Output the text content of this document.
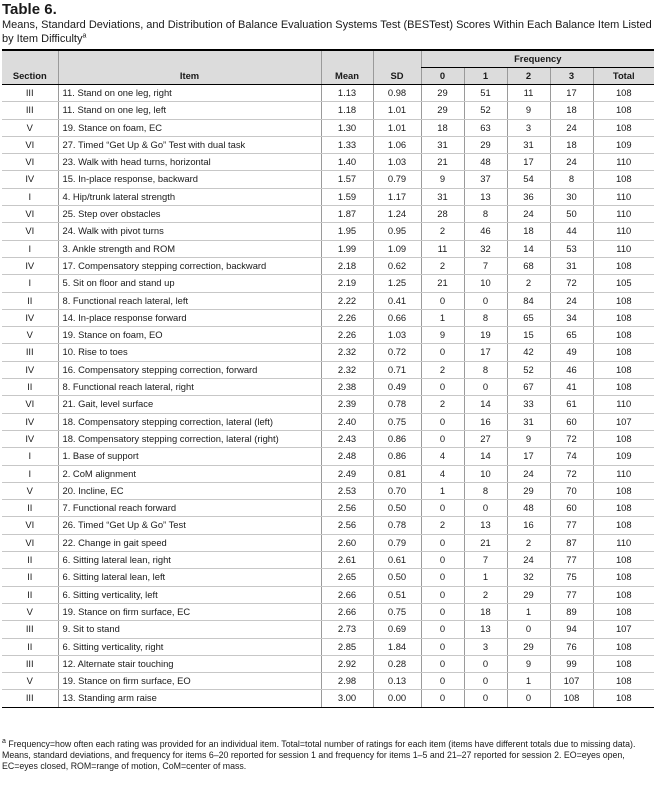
Table 6.
Means, Standard Deviations, and Distribution of Balance Evaluation Systems Test (BESTest) Scores Within Each Balance Item Listed by Item Difficulty$^a$
				Frequency				
Section	Item	Mean	SD	0	1	2	3	Total
III	11. Stand on one leg, right	1.13	0.98	29	51	11	17	108
III	11. Stand on one leg, left	1.18	1.01	29	52	9	18	108
V	19. Stance on foam, EC	1.30	1.01	18	63	3	24	108
VI	27. Timed “Get Up & Go” Test with dual task	1.33	1.06	31	29	31	18	109
VI	23. Walk with head turns, horizontal	1.40	1.03	21	48	17	24	110
IV	15. In-place response, backward	1.57	0.79	9	37	54	8	108
I	4. Hip/trunk lateral strength	1.59	1.17	31	13	36	30	110
VI	25. Step over obstacles	1.87	1.24	28	8	24	50	110
VI	24. Walk with pivot turns	1.95	0.95	2	46	18	44	110
I	3. Ankle strength and ROM	1.99	1.09	11	32	14	53	110
IV	17. Compensatory stepping correction, backward	2.18	0.62	2	7	68	31	108
I	5. Sit on floor and stand up	2.19	1.25	21	10	2	72	105
II	8. Functional reach lateral, left	2.22	0.41	0	0	84	24	108
IV	14. In-place response forward	2.26	0.66	1	8	65	34	108
V	19. Stance on foam, EO	2.26	1.03	9	19	15	65	108
III	10. Rise to toes	2.32	0.72	0	17	42	49	108
IV	16. Compensatory stepping correction, forward	2.32	0.71	2	8	52	46	108
II	8. Functional reach lateral, right	2.38	0.49	0	0	67	41	108
VI	21. Gait, level surface	2.39	0.78	2	14	33	61	110
IV	18. Compensatory stepping correction, lateral (left)	2.40	0.75	0	16	31	60	107
IV	18. Compensatory stepping correction, lateral (right)	2.43	0.86	0	27	9	72	108
I	1. Base of support	2.48	0.86	4	14	17	74	109
I	2. CoM alignment	2.49	0.81	4	10	24	72	110
V	20. Incline, EC	2.53	0.70	1	8	29	70	108
II	7. Functional reach forward	2.56	0.50	0	0	48	60	108
VI	26. Timed “Get Up & Go” Test	2.56	0.78	2	13	16	77	108
VI	22. Change in gait speed	2.60	0.79	0	21	2	87	110
II	6. Sitting lateral lean, right	2.61	0.61	0	7	24	77	108
II	6. Sitting lateral lean, left	2.65	0.50	0	1	32	75	108
II	6. Sitting verticality, left	2.66	0.51	0	2	29	77	108
V	19. Stance on firm surface, EC	2.66	0.75	0	18	1	89	108
III	9. Sit to stand	2.73	0.69	0	13	0	94	107
II	6. Sitting verticality, right	2.85	1.84	0	3	29	76	108
III	12. Alternate stair touching	2.92	0.28	0	0	9	99	108
V	19. Stance on firm surface, EO	2.98	0.13	0	0	1	107	108
III	13. Standing arm raise	3.00	0.00	0	0	0	108	108
$^a$ Frequency=how often each rating was provided for an individual item. Total=total number of ratings for each item (items have different totals due to missing data). Means, standard deviations, and frequency for items 6–20 reported for session 1 and frequency for items 1–5 and 21–27 reported for session 2. EO=eyes open, EC=eyes closed, ROM=range of motion, CoM=center of mass.
